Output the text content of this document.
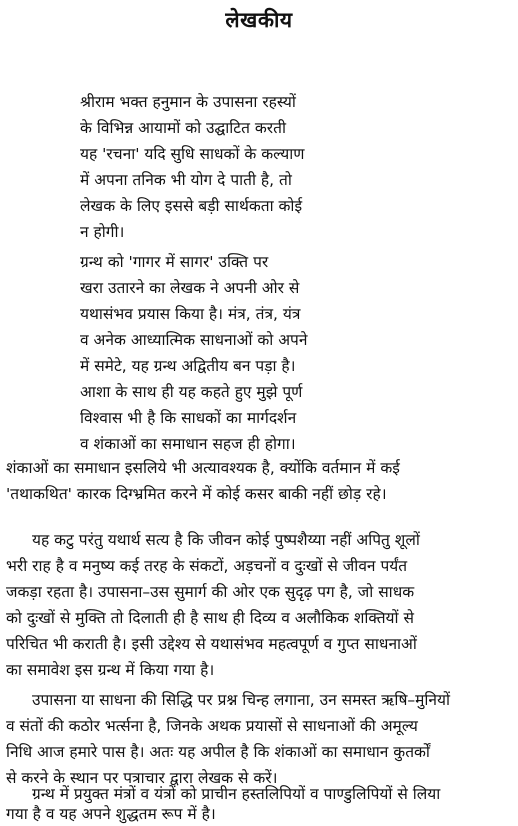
लेखकीय
श्रीराम भक्त हनुमान के उपासना रहस्यों
के विभिन्न आयामों को उद्घाटित करती
यह 'रचना' यदि सुधि साधकों के कल्याण
में अपना तनिक भी योग दे पाती है, तो
लेखक के लिए इससे बड़ी सार्थकता कोई
न होगी।
ग्रन्थ को 'गागर में सागर' उक्ति पर
खरा उतारने का लेखक ने अपनी ओर से
यथासंभव प्रयास किया है। मंत्र, तंत्र, यंत्र
व अनेक आध्यात्मिक साधनाओं को अपने
में समेटे, यह ग्रन्थ अद्वितीय बन पड़ा है।
आशा के साथ ही यह कहते हुए मुझे पूर्ण
विश्वास भी है कि साधकों का मार्गदर्शन
व शंकाओं का समाधान सहज ही होगा।
शंकाओं का समाधान इसलिये भी अत्यावश्यक है, क्योंकि वर्तमान में कई
'तथाकथित' कारक दिग्भ्रमित करने में कोई कसर बाकी नहीं छोड़ रहे।
यह कटु परंतु यथार्थ सत्य है कि जीवन कोई पुष्पशैय्या नहीं अपितु शूलों
भरी राह है व मनुष्य कई तरह के संकटों, अड़चनों व दुःखों से जीवन पर्यंत
जकड़ा रहता है। उपासना–उस सुमार्ग की ओर एक सुदृढ़ पग है, जो साधक
को दुःखों से मुक्ति तो दिलाती ही है साथ ही दिव्य व अलौकिक शक्तियों से
परिचित भी कराती है। इसी उद्देश्य से यथासंभव महत्वपूर्ण व गुप्त साधनाओं
का समावेश इस ग्रन्थ में किया गया है।
उपासना या साधना की सिद्धि पर प्रश्न चिन्ह लगाना, उन समस्त ऋषि–मुनियों
व संतों की कठोर भर्त्सना है, जिनके अथक प्रयासों से साधनाओं की अमूल्य
निधि आज हमारे पास है। अतः यह अपील है कि शंकाओं का समाधान कुतर्कों
से करने के स्थान पर पत्राचार द्वारा लेखक से करें।
ग्रन्थ में प्रयुक्त मंत्रों व यंत्रों को प्राचीन हस्तलिपियों व पाण्डुलिपियों से लिया
गया है व यह अपने शुद्धतम रूप में है।
